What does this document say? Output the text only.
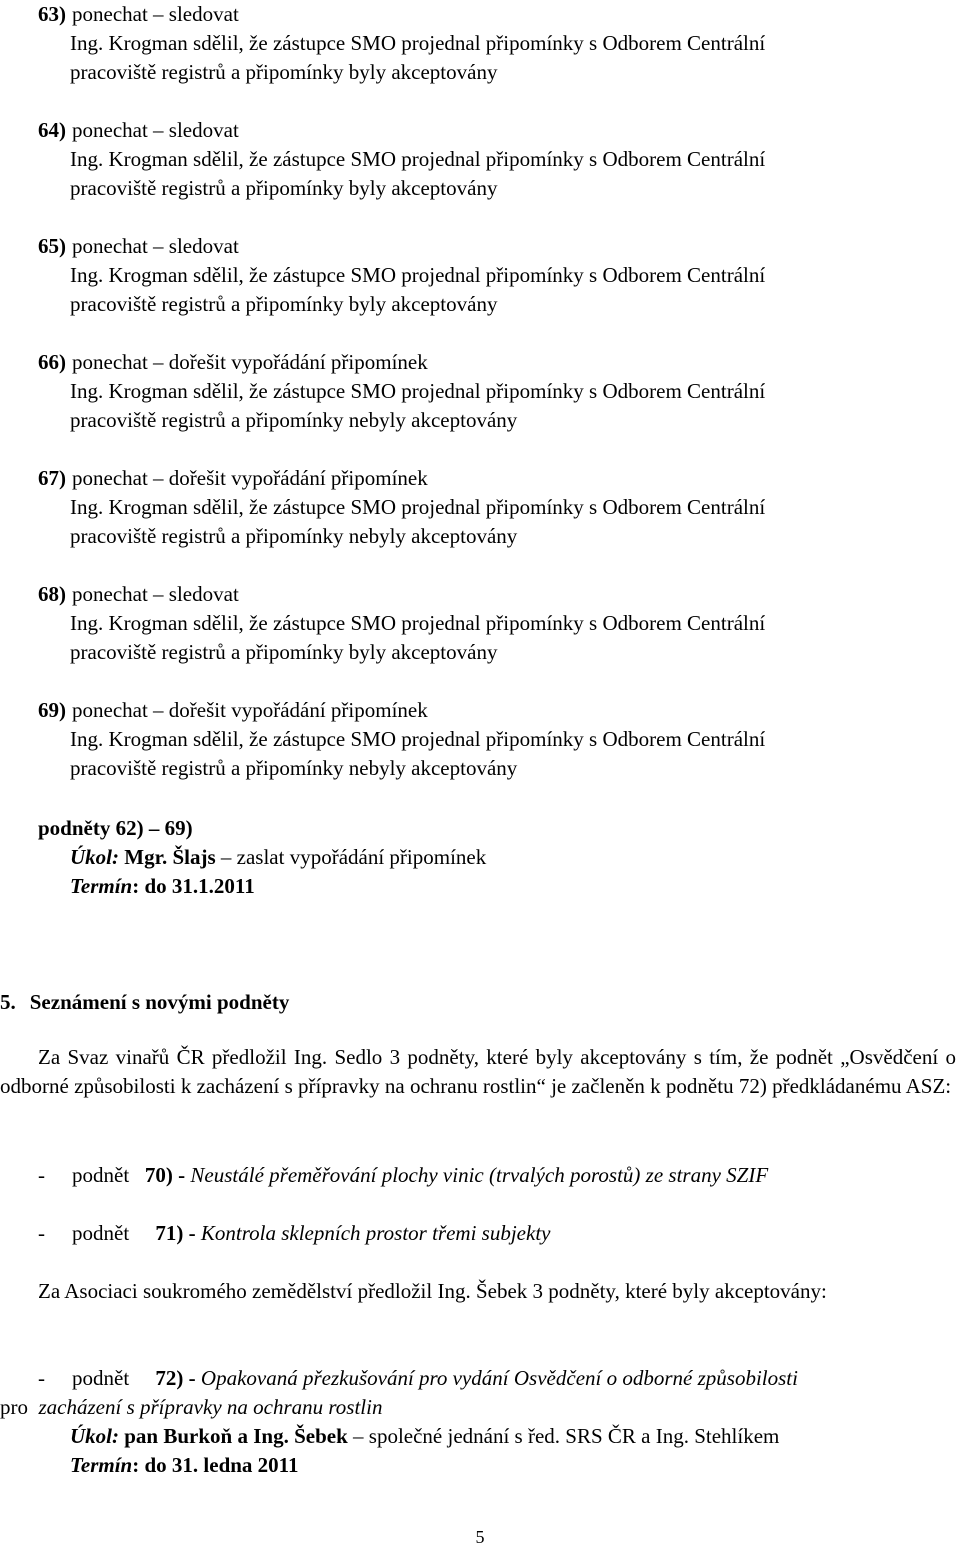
63) ponechat – sledovat
Ing. Krogman sdělil, že zástupce SMO projednal připomínky s Odborem Centrální
pracoviště registrů a připomínky byly akceptovány
64) ponechat – sledovat
Ing. Krogman sdělil, že zástupce SMO projednal připomínky s Odborem Centrální
pracoviště registrů a připomínky byly akceptovány
65) ponechat – sledovat
Ing. Krogman sdělil, že zástupce SMO projednal připomínky s Odborem Centrální
pracoviště registrů a připomínky byly akceptovány
66) ponechat – dořešit vypořádání připomínek
Ing. Krogman sdělil, že zástupce SMO projednal připomínky s Odborem Centrální
pracoviště registrů a připomínky nebyly akceptovány
67) ponechat – dořešit vypořádání připomínek
Ing. Krogman sdělil, že zástupce SMO projednal připomínky s Odborem Centrální
pracoviště registrů a připomínky nebyly akceptovány
68) ponechat – sledovat
Ing. Krogman sdělil, že zástupce SMO projednal připomínky s Odborem Centrální
pracoviště registrů a připomínky byly akceptovány
69) ponechat – dořešit vypořádání připomínek
Ing. Krogman sdělil, že zástupce SMO projednal připomínky s Odborem Centrální
pracoviště registrů a připomínky nebyly akceptovány
podněty 62) – 69)
Úkol: Mgr. Šlajs – zaslat vypořádání připomínek
Termín: do 31.1.2011
5. Seznámení s novými podněty
Za Svaz vinařů ČR předložil Ing. Sedlo 3 podněty, které byly akceptovány s tím, že podnět „Osvědčení o odborné způsobilosti k zacházení s přípravky na ochranu rostlin“ je začleněn k podnětu 72) předkládanému ASZ:
- podnět 70) - Neustálé přeměřování plochy vinic (trvalých porostů) ze strany SZIF
- podnět 71) - Kontrola sklepních prostor třemi subjekty
Za Asociaci soukromého zemědělství předložil Ing. Šebek 3 podněty, které byly akceptovány:
- podnět 72) - Opakovaná přezkušování pro vydání Osvědčení o odborné způsobilosti
pro zacházení s přípravky na ochranu rostlin
Úkol: pan Burkoň a Ing. Šebek – společné jednání s řed. SRS ČR a Ing. Stehlíkem
Termín: do 31. ledna 2011
5
